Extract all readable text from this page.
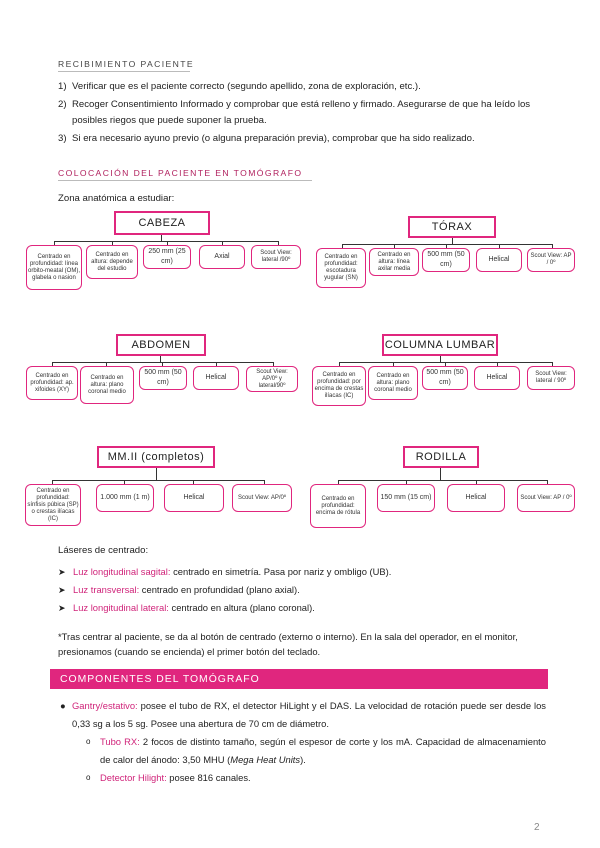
RECIBIMIENTO PACIENTE
1) Verificar que es el paciente correcto (segundo apellido, zona de exploración, etc.).
2) Recoger Consentimiento Informado y comprobar que está relleno y firmado. Asegurarse de que ha leído los posibles riegos que puede suponer la prueba.
3) Si era necesario ayuno previo (o alguna preparación previa), comprobar que ha sido realizado.
COLOCACIÓN DEL PACIENTE EN TOMÓGRAFO
Zona anatómica a estudiar:
CABEZA
Centrado en profundidad: línea orbito-meatal (OM), glabela o nasion
Centrado en altura: depende del estudio
250 mm (25 cm)
Axial	Scout View: lateral /90º
TÓRAX
Centrado en profundidad: escotadura yugular (SN)
Centrado en altura: línea axilar media
500 mm (50 cm)
Helical	Scout View: AP / 0º
ABDOMEN
Centrado en profundidad: ap. xifoides (XY)
Centrado en altura: plano coronal medio
500 mm (50 cm)
Helical
Scout View: AP/0º y lateral/90º
COLUMNA LUMBAR
Centrado en profundidad: por encima de crestas ilíacas (IC)
Centrado en altura: plano coronal medio
500 mm (50 cm)
Helical	Scout View: lateral / 90º
MM.II (completos)
Centrado en profundidad: sínfisis púbica (SP) o crestas ilíacas (IC)
1.000 mm (1 m)	Helical	Scout View: AP/0º
RODILLA
Centrado en profundidad: encima de rótula
150 mm (15 cm)	Helical	Scout View: AP / 0º
Láseres de centrado:
➤ Luz longitudinal sagital: centrado en simetría. Pasa por nariz y ombligo (UB).
➤ Luz transversal: centrado en profundidad (plano axial).
➤ Luz longitudinal lateral: centrado en altura (plano coronal).
*Tras centrar al paciente, se da al botón de centrado (externo o interno). En la sala del operador, en el monitor, presionamos (cuando se encienda) el primer botón del teclado.
COMPONENTES DEL TOMÓGRAFO
● Gantry/estativo: posee el tubo de RX, el detector HiLight y el DAS. La velocidad de rotación puede ser desde los 0,33 sg a los 5 sg. Posee una abertura de 70 cm de diámetro.
o Tubo RX: 2 focos de distinto tamaño, según el espesor de corte y los mA. Capacidad de almacenamiento de calor del ánodo: 3,50 MHU (Mega Heat Units).
o Detector Hilight: posee 816 canales.
2
